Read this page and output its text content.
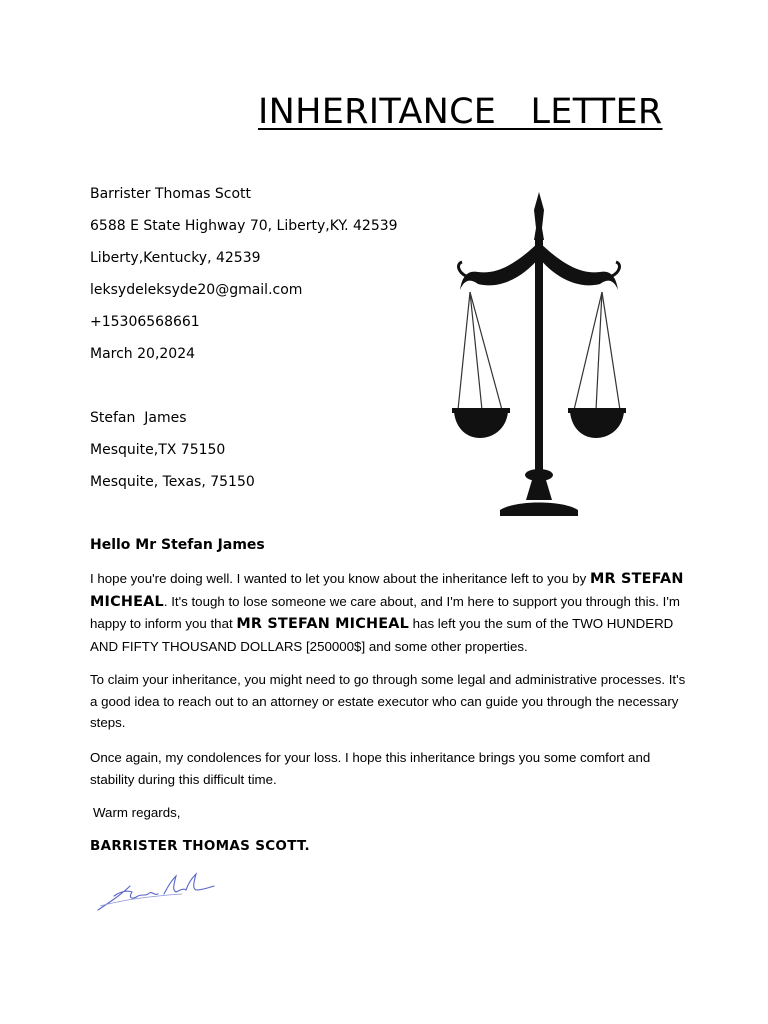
INHERITANCE   LETTER
Barrister Thomas Scott
6588 E State Highway 70, Liberty,KY. 42539
Liberty,Kentucky, 42539
leksydeleksyde20@gmail.com
+15306568661
March 20,2024
Stefan  James
Mesquite,TX 75150
Mesquite, Texas, 75150
Hello Mr Stefan James
I hope you're doing well. I wanted to let you know about the inheritance left to you by MR STEFAN MICHEAL. It's tough to lose someone we care about, and I'm here to support you through this. I'm happy to inform you that MR STEFAN MICHEAL has left you the sum of the TWO HUNDERD AND FIFTY THOUSAND DOLLARS [250000$] and some other properties.
To claim your inheritance, you might need to go through some legal and administrative processes. It's a good idea to reach out to an attorney or estate executor who can guide you through the necessary steps.
Once again, my condolences for your loss. I hope this inheritance brings you some comfort and stability during this difficult time.
Warm regards,
BARRISTER THOMAS SCOTT.
